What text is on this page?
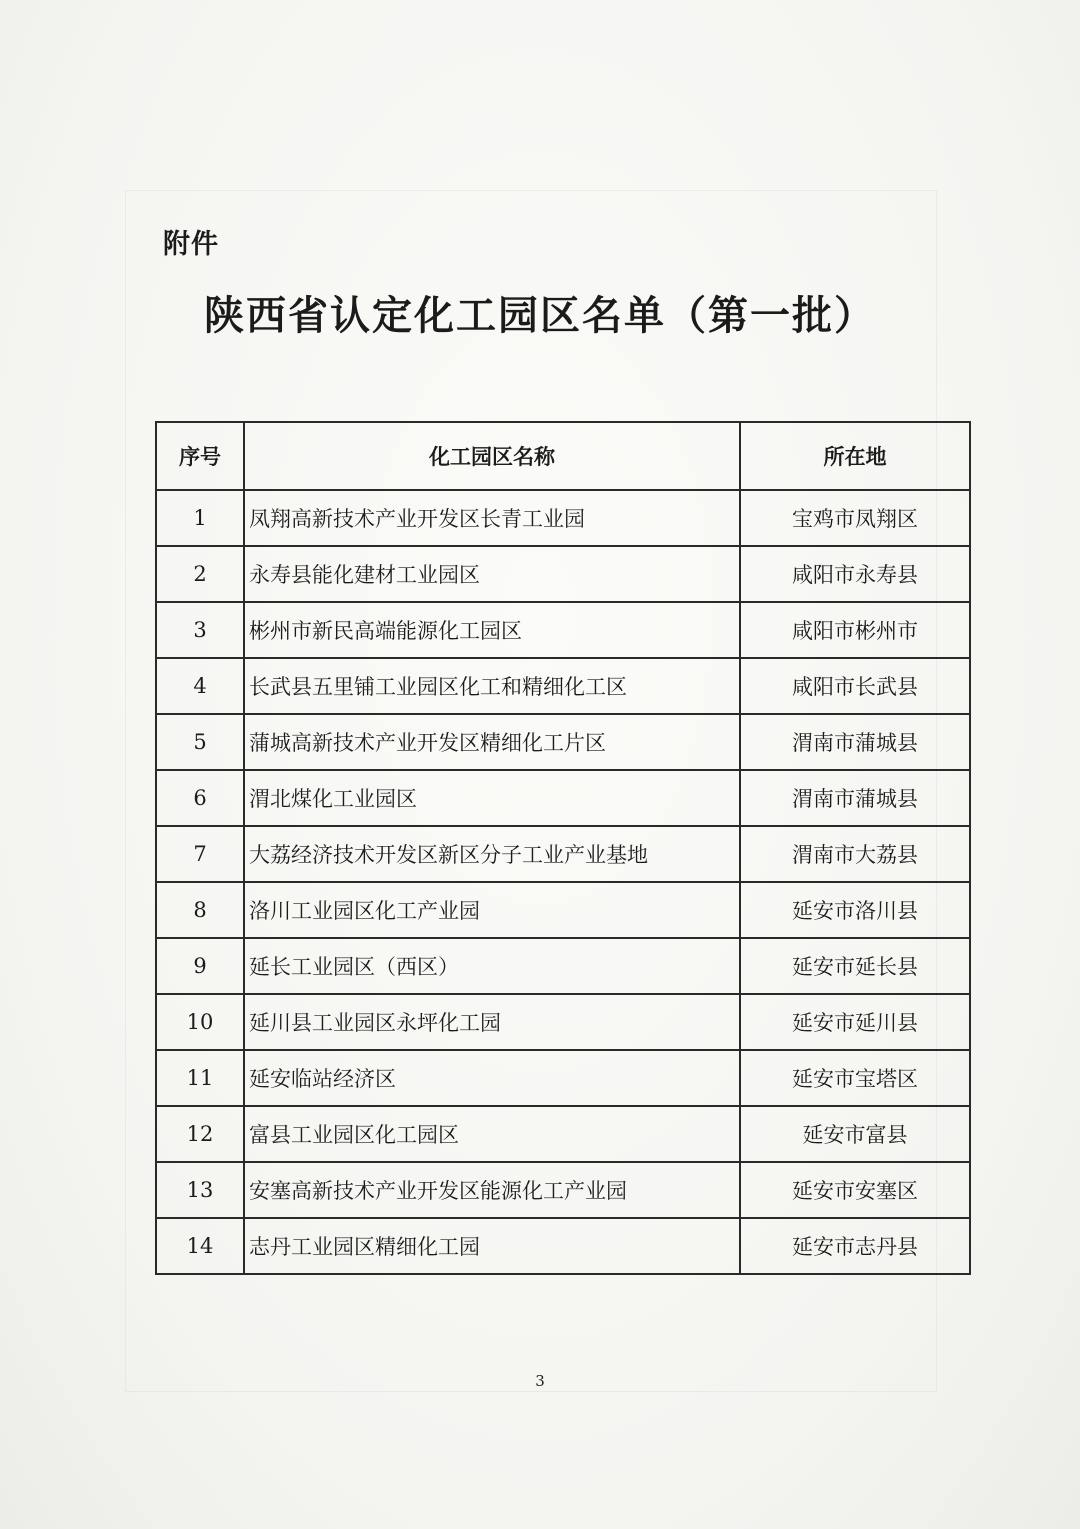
附件
陕西省认定化工园区名单（第一批）
序号	化工园区名称	所在地
1	凤翔高新技术产业开发区长青工业园	宝鸡市凤翔区
2	永寿县能化建材工业园区	咸阳市永寿县
3	彬州市新民高端能源化工园区	咸阳市彬州市
4	长武县五里铺工业园区化工和精细化工区	咸阳市长武县
5	蒲城高新技术产业开发区精细化工片区	渭南市蒲城县
6	渭北煤化工业园区	渭南市蒲城县
7	大荔经济技术开发区新区分子工业产业基地	渭南市大荔县
8	洛川工业园区化工产业园	延安市洛川县
9	延长工业园区（西区）	延安市延长县
10	延川县工业园区永坪化工园	延安市延川县
11	延安临站经济区	延安市宝塔区
12	富县工业园区化工园区	延安市富县
13	安塞高新技术产业开发区能源化工产业园	延安市安塞区
14	志丹工业园区精细化工园	延安市志丹县
3
